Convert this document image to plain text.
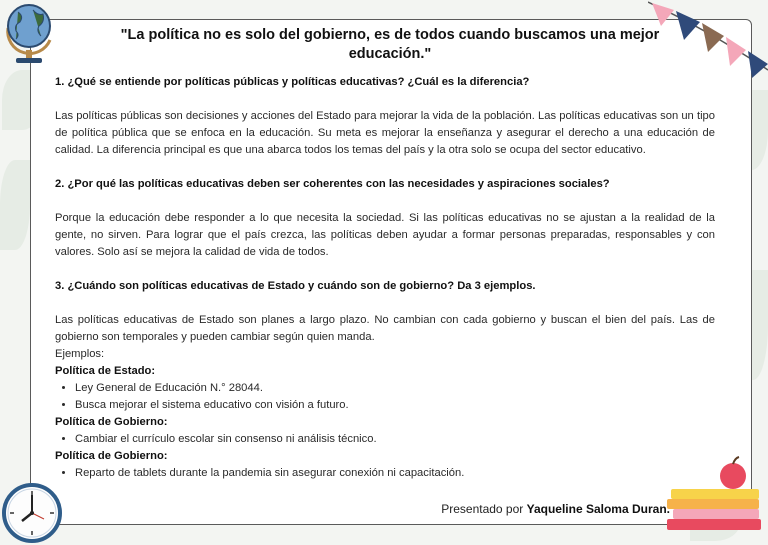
"La política no es solo del gobierno, es de todos cuando buscamos una mejor educación."

1. ¿Qué se entiende por políticas públicas y políticas educativas? ¿Cuál es la diferencia?

Las políticas públicas son decisiones y acciones del Estado para mejorar la vida de la población. Las políticas educativas son un tipo de política pública que se enfoca en la educación. Su meta es mejorar la enseñanza y asegurar el derecho a una educación de calidad. La diferencia principal es que una abarca todos los temas del país y la otra solo se ocupa del sector educativo.

2. ¿Por qué las políticas educativas deben ser coherentes con las necesidades y aspiraciones sociales?

Porque la educación debe responder a lo que necesita la sociedad. Si las políticas educativas no se ajustan a la realidad de la gente, no sirven. Para lograr que el país crezca, las políticas deben ayudar a formar personas preparadas, responsables y con valores. Solo así se mejora la calidad de vida de todos.

3. ¿Cuándo son políticas educativas de Estado y cuándo son de gobierno? Da 3 ejemplos.

Las políticas educativas de Estado son planes a largo plazo. No cambian con cada gobierno y buscan el bien del país. Las de gobierno son temporales y pueden cambiar según quien manda.

Ejemplos:

Política de Estado:

• Ley General de Educación N.° 28044.
• Busca mejorar el sistema educativo con visión a futuro.

Política de Gobierno:

• Cambiar el currículo escolar sin consenso ni análisis técnico.

Política de Gobierno:

• Reparto de tablets durante la pandemia sin asegurar conexión ni capacitación.
Presentado por Yaqueline Saloma Duran.
